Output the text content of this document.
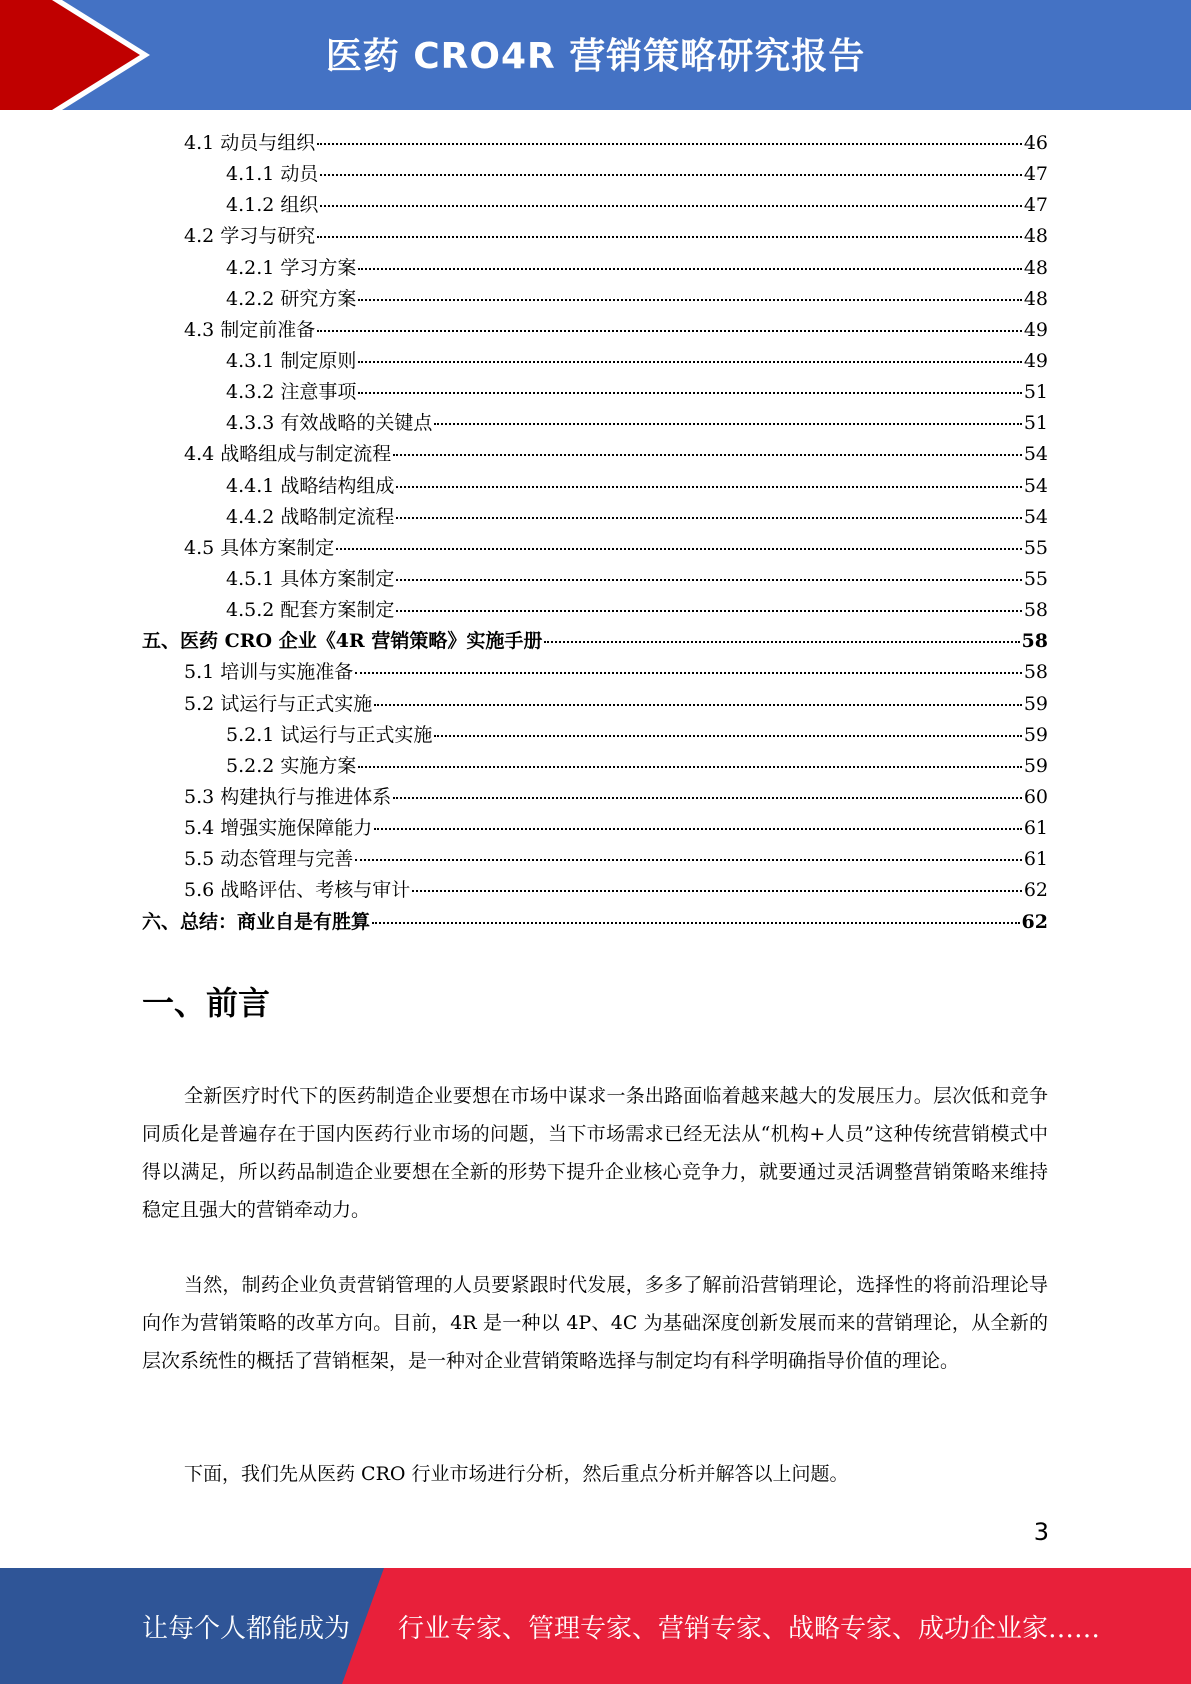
医药 CRO4R 营销策略研究报告
4.1 动员与组织	46
4.1.1 动员	47
4.1.2 组织	47
4.2 学习与研究	48
4.2.1 学习方案	48
4.2.2 研究方案	48
4.3 制定前准备	49
4.3.1 制定原则	49
4.3.2 注意事项	51
4.3.3 有效战略的关键点	51
4.4 战略组成与制定流程	54
4.4.1 战略结构组成	54
4.4.2 战略制定流程	54
4.5 具体方案制定	55
4.5.1 具体方案制定	55
4.5.2 配套方案制定	58
五、医药 CRO 企业《4R 营销策略》实施手册	58
5.1 培训与实施准备	58
5.2 试运行与正式实施	59
5.2.1 试运行与正式实施	59
5.2.2 实施方案	59
5.3 构建执行与推进体系	60
5.4 增强实施保障能力	61
5.5 动态管理与完善	61
5.6 战略评估、考核与审计	62
六、总结：商业自是有胜算	62
一、前言

全新医疗时代下的医药制造企业要想在市场中谋求一条出路面临着越来越大的发展压力。层次低和竞争同质化是普遍存在于国内医药行业市场的问题，当下市场需求已经无法从“机构+人员”这种传统营销模式中得以满足，所以药品制造企业要想在全新的形势下提升企业核心竞争力，就要通过灵活调整营销策略来维持稳定且强大的营销牵动力。

当然，制药企业负责营销管理的人员要紧跟时代发展，多多了解前沿营销理论，选择性的将前沿理论导向作为营销策略的改革方向。目前，4R 是一种以 4P、4C 为基础深度创新发展而来的营销理论，从全新的层次系统性的概括了营销框架，是一种对企业营销策略选择与制定均有科学明确指导价值的理论。

下面，我们先从医药 CRO 行业市场进行分析，然后重点分析并解答以上问题。

3
让每个人都能成为 行业专家、管理专家、营销专家、战略专家、成功企业家……
